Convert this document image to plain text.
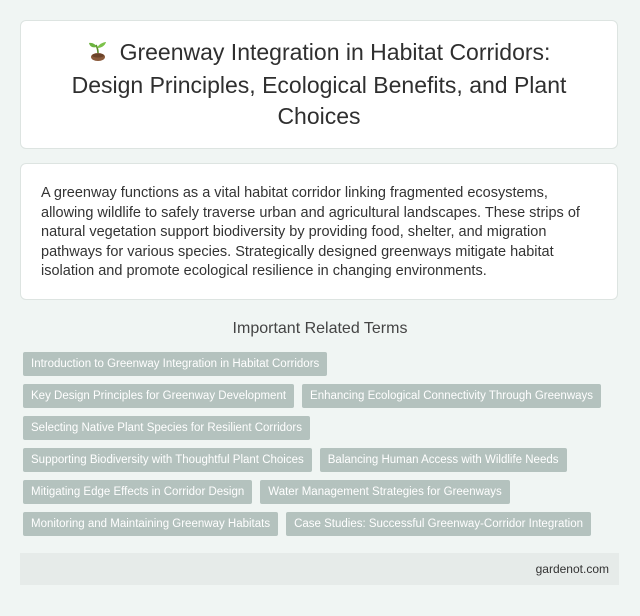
Greenway Integration in Habitat Corridors: Design Principles, Ecological Benefits, and Plant Choices

A greenway functions as a vital habitat corridor linking fragmented ecosystems, allowing wildlife to safely traverse urban and agricultural landscapes. These strips of natural vegetation support biodiversity by providing food, shelter, and migration pathways for various species. Strategically designed greenways mitigate habitat isolation and promote ecological resilience in changing environments.

Important Related Terms
Introduction to Greenway Integration in Habitat Corridors
Key Design Principles for Greenway Development	Enhancing Ecological Connectivity Through Greenways
Selecting Native Plant Species for Resilient Corridors
Supporting Biodiversity with Thoughtful Plant Choices	Balancing Human Access with Wildlife Needs
Mitigating Edge Effects in Corridor Design	Water Management Strategies for Greenways
Monitoring and Maintaining Greenway Habitats	Case Studies: Successful Greenway-Corridor Integration
gardenot.com
